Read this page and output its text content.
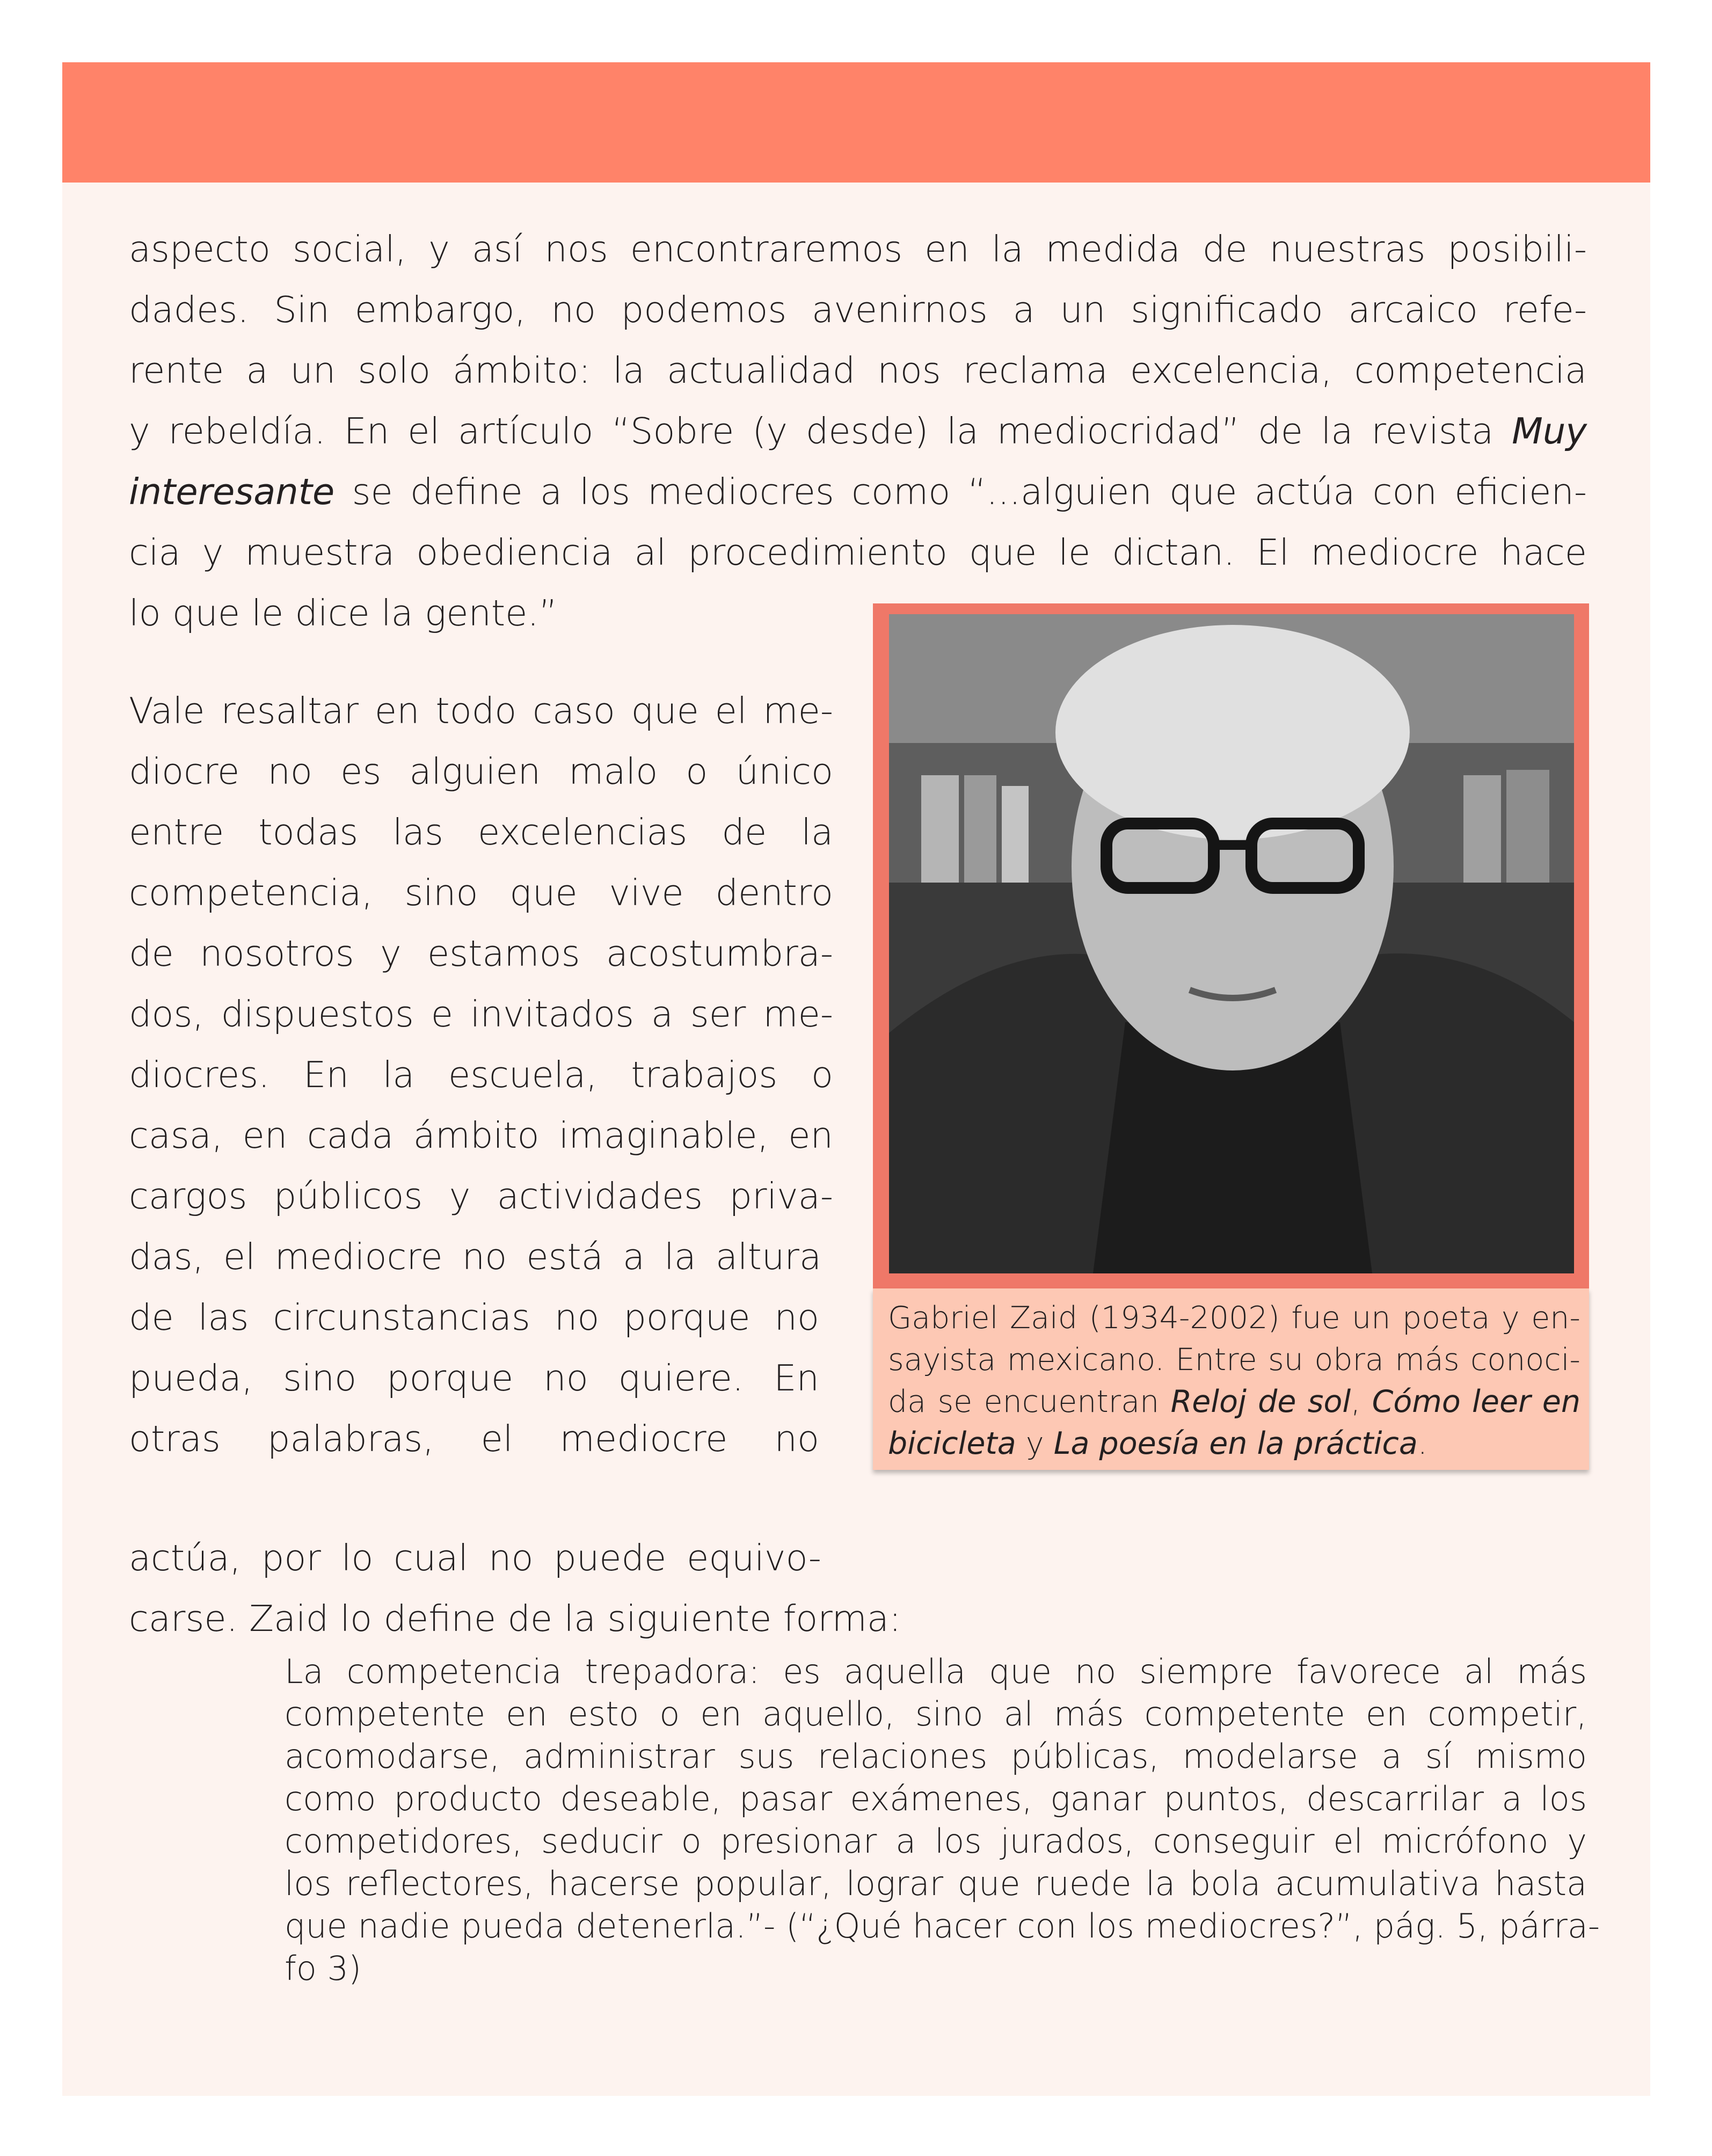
aspecto social, y así nos encontraremos en la medida de nuestras posibili-
dades. Sin embargo, no podemos avenirnos a un significado arcaico refe-
rente a un solo ámbito: la actualidad nos reclama excelencia, competencia
y rebeldía. En el artículo “Sobre (y desde) la mediocridad” de la revista Muy
interesante se define a los mediocres como “...alguien que actúa con eficien-
cia y muestra obediencia al procedimiento que le dictan. El mediocre hace
lo que le dice la gente.”
Vale resaltar en todo caso que el me-
diocre no es alguien malo o único
entre todas las excelencias de la
competencia, sino que vive dentro
de nosotros y estamos acostumbra-
dos, dispuestos e invitados a ser me-
diocres. En la escuela, trabajos o
casa, en cada ámbito imaginable, en
cargos públicos y actividades priva-
das, el mediocre no está a la altura
de las circunstancias no porque no
pueda, sino porque no quiere. En
otras palabras, el mediocre no
actúa, por lo cual no puede equivo-
carse. Zaid lo define de la siguiente forma:

Gabriel Zaid (1934-2002) fue un poeta y en-
sayista mexicano. Entre su obra más conoci-
da se encuentran Reloj de sol, Cómo leer en
bicicleta y La poesía en la práctica.

La competencia trepadora: es aquella que no siempre favorece al más
competente en esto o en aquello, sino al más competente en competir,
acomodarse, administrar sus relaciones públicas, modelarse a sí mismo
como producto deseable, pasar exámenes, ganar puntos, descarrilar a los
competidores, seducir o presionar a los jurados, conseguir el micrófono y
los reflectores, hacerse popular, lograr que ruede la bola acumulativa hasta
que nadie pueda detenerla.”- (“¿Qué hacer con los mediocres?”, pág. 5, párra-
fo 3)
